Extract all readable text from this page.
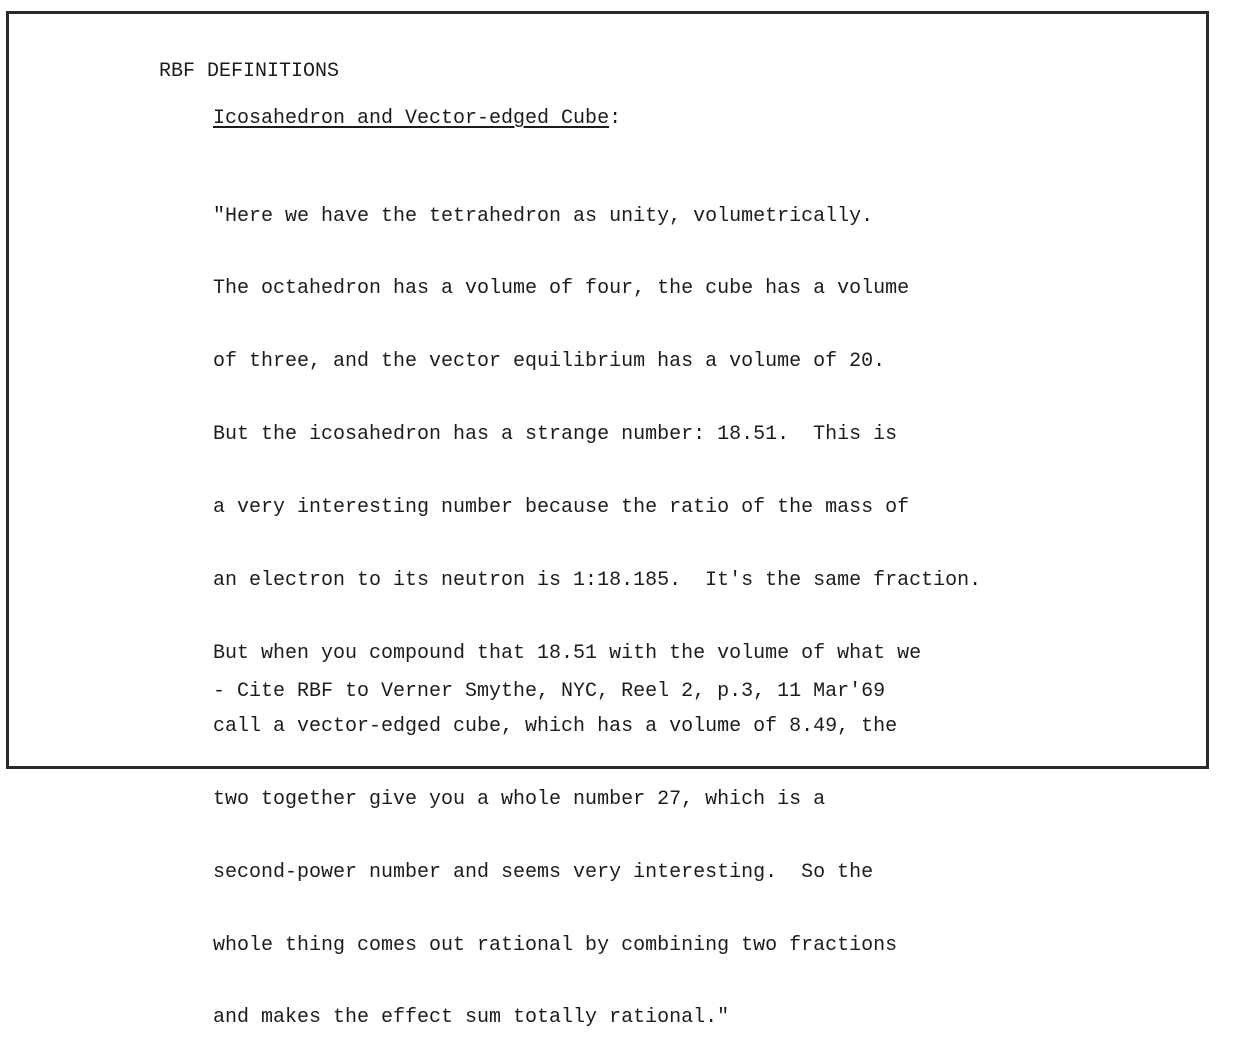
RBF DEFINITIONS
Icosahedron and Vector-edged Cube:

"Here we have the tetrahedron as unity, volumetrically.

The octahedron has a volume of four, the cube has a volume

of three, and the vector equilibrium has a volume of 20.

But the icosahedron has a strange number: 18.51.  This is

a very interesting number because the ratio of the mass of

an electron to its neutron is 1:18.185.  It's the same fraction.

But when you compound that 18.51 with the volume of what we

call a vector-edged cube, which has a volume of 8.49, the

two together give you a whole number 27, which is a

second-power number and seems very interesting.  So the

whole thing comes out rational by combining two fractions

and makes the effect sum totally rational."

- Cite RBF to Verner Smythe, NYC, Reel 2, p.3, 11 Mar'69
